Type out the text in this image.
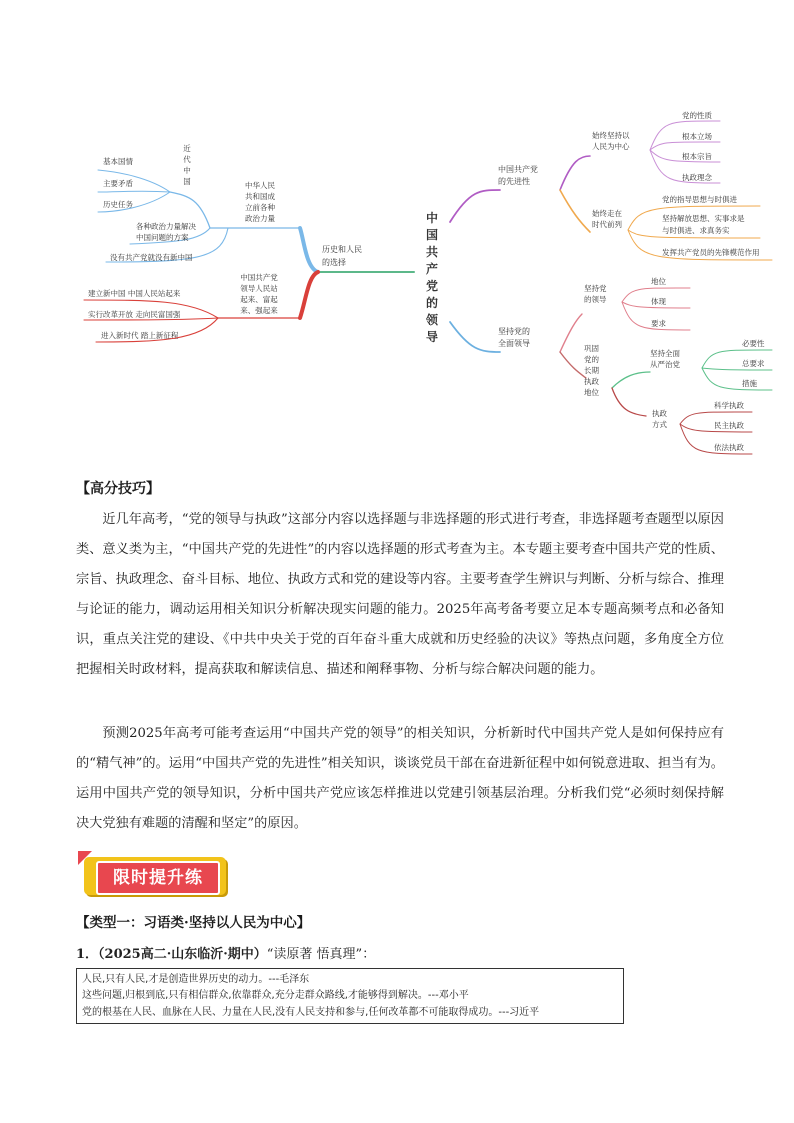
中
国
共
产
党
的
领
导
历史和人民
的选择
中华人民
共和国成
立前各种
政治力量
近
代
中
国
基本国情
主要矛盾
历史任务
各种政治力量解决
中国问题的方案
没有共产党就没有新中国
中国共产党
领导人民站
起来、富起
来、强起来
建立新中国 中国人民站起来
实行改革开放 走向民富国强
进入新时代 踏上新征程
中国共产党
的先进性
始终坚持以
人民为中心
党的性质
根本立场
根本宗旨
执政理念
始终走在
时代前列
党的指导思想与时俱进
坚持解放思想、实事求是
与时俱进、求真务实
发挥共产党员的先锋模范作用
坚持党的
全面领导
坚持党
的领导
地位
体现
要求
巩固
党的
长期
执政
地位
坚持全面
从严治党
必要性
总要求
措施
执政
方式
科学执政
民主执政
依法执政
【高分技巧】

近几年高考，“党的领导与执政”这部分内容以选择题与非选择题的形式进行考查，非选择题考查题型以原因类、意义类为主，“中国共产党的先进性”的内容以选择题的形式考查为主。本专题主要考查中国共产党的性质、宗旨、执政理念、奋斗目标、地位、执政方式和党的建设等内容。主要考查学生辨识与判断、分析与综合、推理与论证的能力，调动运用相关知识分析解决现实问题的能力。2025年高考备考要立足本专题高频考点和必备知识，重点关注党的建设、《中共中央关于党的百年奋斗重大成就和历史经验的决议》等热点问题，多角度全方位把握相关时政材料，提高获取和解读信息、描述和阐释事物、分析与综合解决问题的能力。

预测2025年高考可能考查运用“中国共产党的领导”的相关知识，分析新时代中国共产党人是如何保持应有的“精气神”的。运用“中国共产党的先进性”相关知识，谈谈党员干部在奋进新征程中如何锐意进取、担当有为。运用中国共产党的领导知识，分析中国共产党应该怎样推进以党建引领基层治理。分析我们党“必须时刻保持解决大党独有难题的清醒和坚定”的原因。

限时提升练
【类型一：习语类·坚持以人民为中心】
1．（2025高二·山东临沂·期中）“读原著 悟真理”：
人民,只有人民,才是创造世界历史的动力。---毛泽东
这些问题,归根到底,只有相信群众,依靠群众,充分走群众路线,才能够得到解决。---邓小平
党的根基在人民、血脉在人民、力量在人民,没有人民支持和参与,任何改革都不可能取得成功。---习近平
